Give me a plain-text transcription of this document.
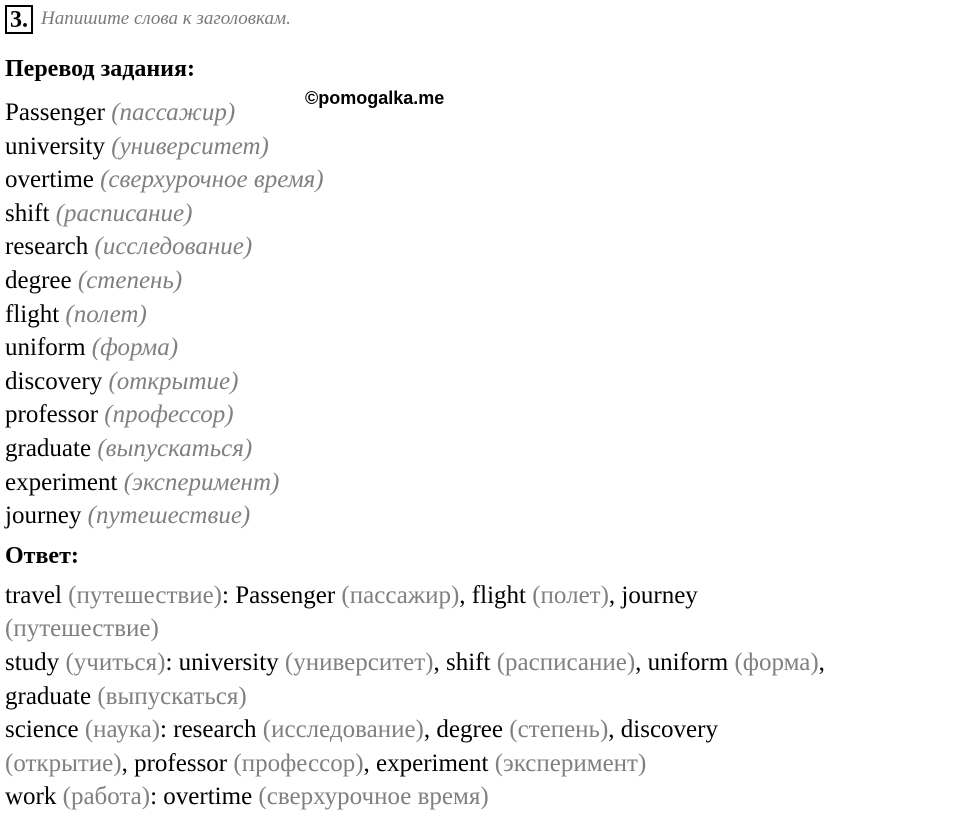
3. Напишите слова к заголовкам.
Перевод задания:
Passenger (пассажир)
university (университет)
overtime (сверхурочное время)
shift (расписание)
research (исследование)
degree (степень)
flight (полет)
uniform (форма)
discovery (открытие)
professor (профессор)
graduate (выпускаться)
experiment (эксперимент)
journey (путешествие)
Ответ:
travel (путешествие): Passenger (пассажир), flight (полет), journey
(путешествие)
study (учиться): university (университет), shift (расписание), uniform (форма),
graduate (выпускаться)
science (наука): research (исследование), degree (степень), discovery
(открытие), professor (профессор), experiment (эксперимент)
work (работа): overtime (сверхурочное время)
©pomogalka.me
